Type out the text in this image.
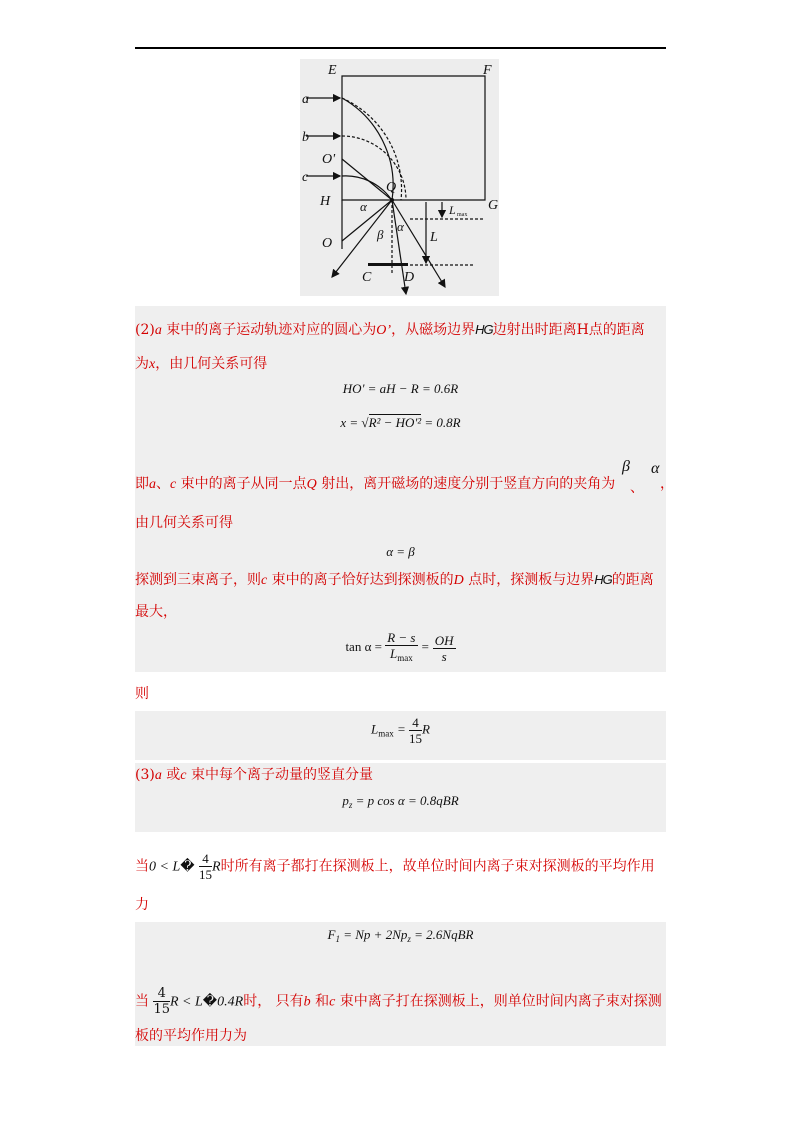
E	F
G
H
a
b
c
O'
O
Q
α
α
β	L
L max
C D
(2)a 束中的离子运动轨迹对应的圆心为O’，从磁场边界HG边射出时距离H点的距离
为x，由几何关系可得
HO' = aH − R = 0.6R
x = √R² − HO'² = 0.8R
即a、c 束中的离子从同一点Q 射出，离开磁场的速度分别于竖直方向的夹角为
β
、
α
，
由几何关系可得
α = β
探测到三束离子，则c 束中的离子恰好达到探测板的D 点时，探测板与边界HG的距离
最大，
$\tan \alpha = \frac{R - s}{L_{max}} = \frac{OH}{s}$
则
$L_{max} = \frac{4}{15}$ R
(3)a 或c 束中每个离子动量的竖直分量
$p_z = p$ cos α = 0.8qBR
当0 < L� $\frac{4}{15}$ R时所有离子都打在探测板上，故单位时间内离子束对探测板的平均作用
力
$F_1 = Np + 2Np_z$ = 2.6NqBR
当 $\frac{4}{15}$ R < L�0.4R时， 只有b 和c 束中离子打在探测板上，则单位时间内离子束对探测
板的平均作用力为
